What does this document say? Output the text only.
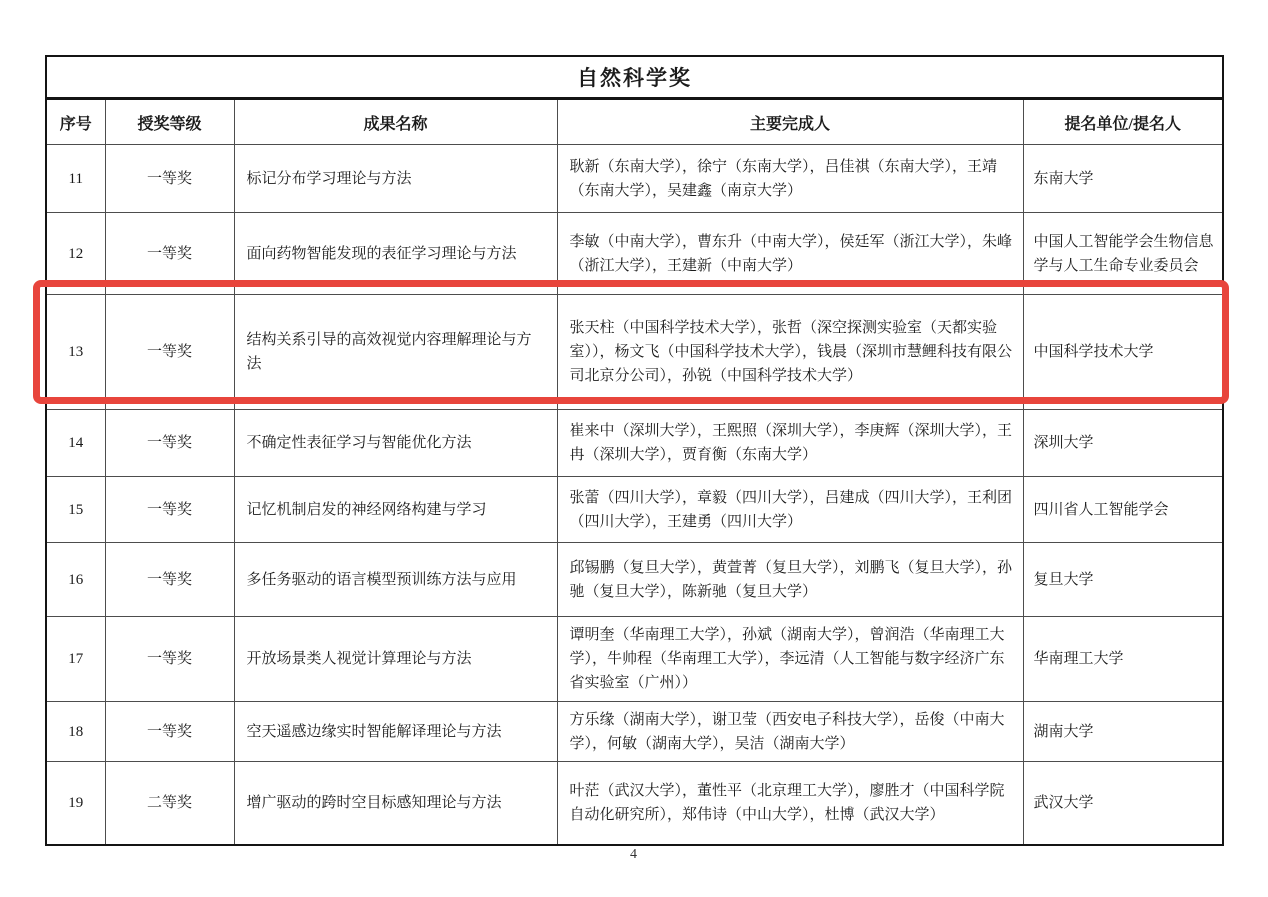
自然科学奖				
序号	授奖等级	成果名称	主要完成人	提名单位/提名人
11	一等奖	标记分布学习理论与方法	耿新（东南大学），徐宁（东南大学），吕佳祺（东南大学），王靖（东南大学），吴建鑫（南京大学）	东南大学
12	一等奖	面向药物智能发现的表征学习理论与方法	李敏（中南大学），曹东升（中南大学），侯廷军（浙江大学），朱峰（浙江大学），王建新（中南大学）	中国人工智能学会生物信息学与人工生命专业委员会
13	一等奖	结构关系引导的高效视觉内容理解理论与方法	张天柱（中国科学技术大学），张哲（深空探测实验室（天都实验室）），杨文飞（中国科学技术大学），钱晨（深圳市慧鲤科技有限公司北京分公司），孙锐（中国科学技术大学）	中国科学技术大学
14	一等奖	不确定性表征学习与智能优化方法	崔来中（深圳大学），王熙照（深圳大学），李庚辉（深圳大学），王冉（深圳大学），贾育衡（东南大学）	深圳大学
15	一等奖	记忆机制启发的神经网络构建与学习	张蕾（四川大学），章毅（四川大学），吕建成（四川大学），王利团（四川大学），王建勇（四川大学）	四川省人工智能学会
16	一等奖	多任务驱动的语言模型预训练方法与应用	邱锡鹏（复旦大学），黄萱菁（复旦大学），刘鹏飞（复旦大学），孙驰（复旦大学），陈新驰（复旦大学）	复旦大学
17	一等奖	开放场景类人视觉计算理论与方法	谭明奎（华南理工大学），孙斌（湖南大学），曾润浩（华南理工大学），牛帅程（华南理工大学），李远清（人工智能与数字经济广东省实验室（广州））	华南理工大学
18	一等奖	空天遥感边缘实时智能解译理论与方法	方乐缘（湖南大学），谢卫莹（西安电子科技大学），岳俊（中南大学），何敏（湖南大学），吴洁（湖南大学）	湖南大学
19	二等奖	增广驱动的跨时空目标感知理论与方法	叶茫（武汉大学），董性平（北京理工大学），廖胜才（中国科学院自动化研究所），郑伟诗（中山大学），杜博（武汉大学）	武汉大学
4
